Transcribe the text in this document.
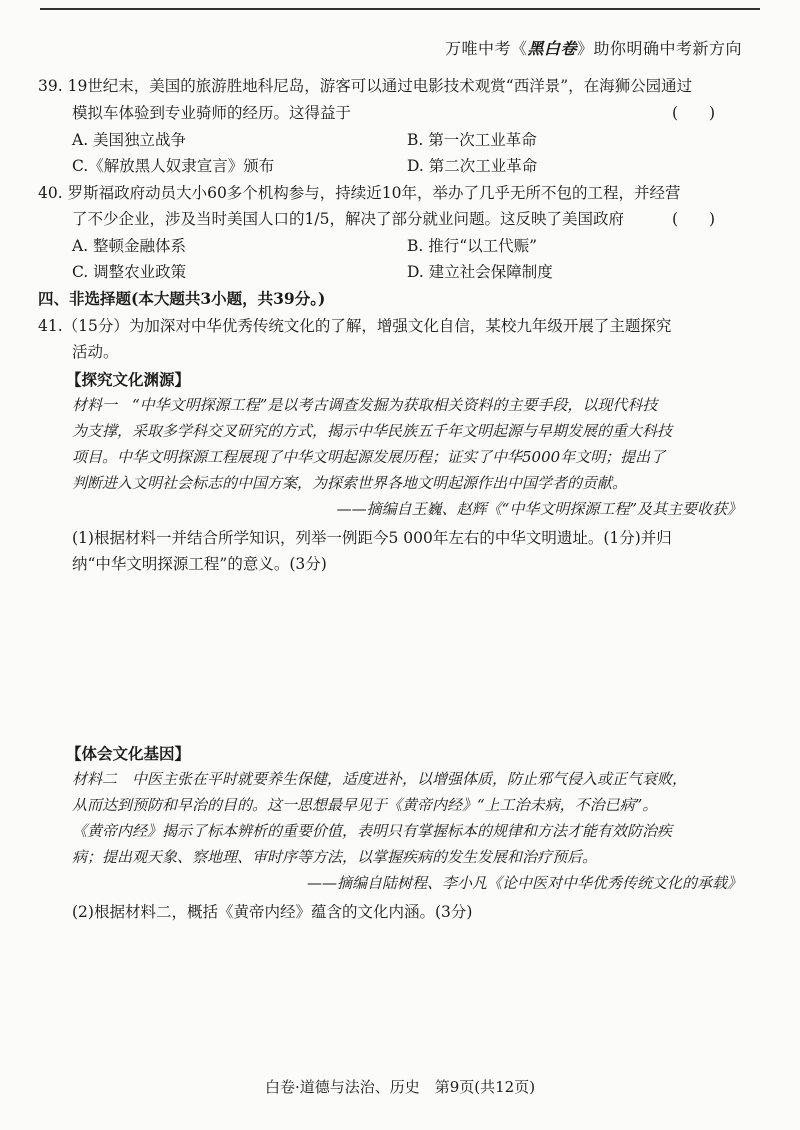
万唯中考《黑白卷》助你明确中考新方向
39. 19世纪末，美国的旅游胜地科尼岛，游客可以通过电影技术观赏“西洋景”，在海狮公园通过
模拟车体验到专业骑师的经历。这得益于	(　　)
A. 美国独立战争	B. 第一次工业革命
C.《解放黑人奴隶宣言》颁布	D. 第二次工业革命
40. 罗斯福政府动员大小60多个机构参与，持续近10年，举办了几乎无所不包的工程，并经营
了不少企业，涉及当时美国人口的1/5，解决了部分就业问题。这反映了美国政府	(　　)
A. 整顿金融体系	B. 推行“以工代赈”
C. 调整农业政策	D. 建立社会保障制度
四、非选择题(本大题共3小题，共39分。)
41.（15分）为加深对中华优秀传统文化的了解，增强文化自信，某校九年级开展了主题探究
活动。
【探究文化渊源】
材料一　“中华文明探源工程”是以考古调查发掘为获取相关资料的主要手段，以现代科技
为支撑，采取多学科交叉研究的方式，揭示中华民族五千年文明起源与早期发展的重大科技
项目。中华文明探源工程展现了中华文明起源发展历程；证实了中华5000年文明；提出了
判断进入文明社会标志的中国方案，为探索世界各地文明起源作出中国学者的贡献。
——摘编自王巍、赵辉《“中华文明探源工程”及其主要收获》
(1)根据材料一并结合所学知识，列举一例距今5 000年左右的中华文明遗址。(1分)并归
纳“中华文明探源工程”的意义。(3分)
【体会文化基因】
材料二　中医主张在平时就要养生保健，适度进补，以增强体质，防止邪气侵入或正气衰败，
从而达到预防和早治的目的。这一思想最早见于《黄帝内经》“上工治未病，不治已病”。
《黄帝内经》揭示了标本辨析的重要价值，表明只有掌握标本的规律和方法才能有效防治疾
病；提出观天象、察地理、审时序等方法，以掌握疾病的发生发展和治疗预后。
——摘编自陆树程、李小凡《论中医对中华优秀传统文化的承载》
(2)根据材料二，概括《黄帝内经》蕴含的文化内涵。(3分)
白卷·道德与法治、历史　第9页(共12页)
